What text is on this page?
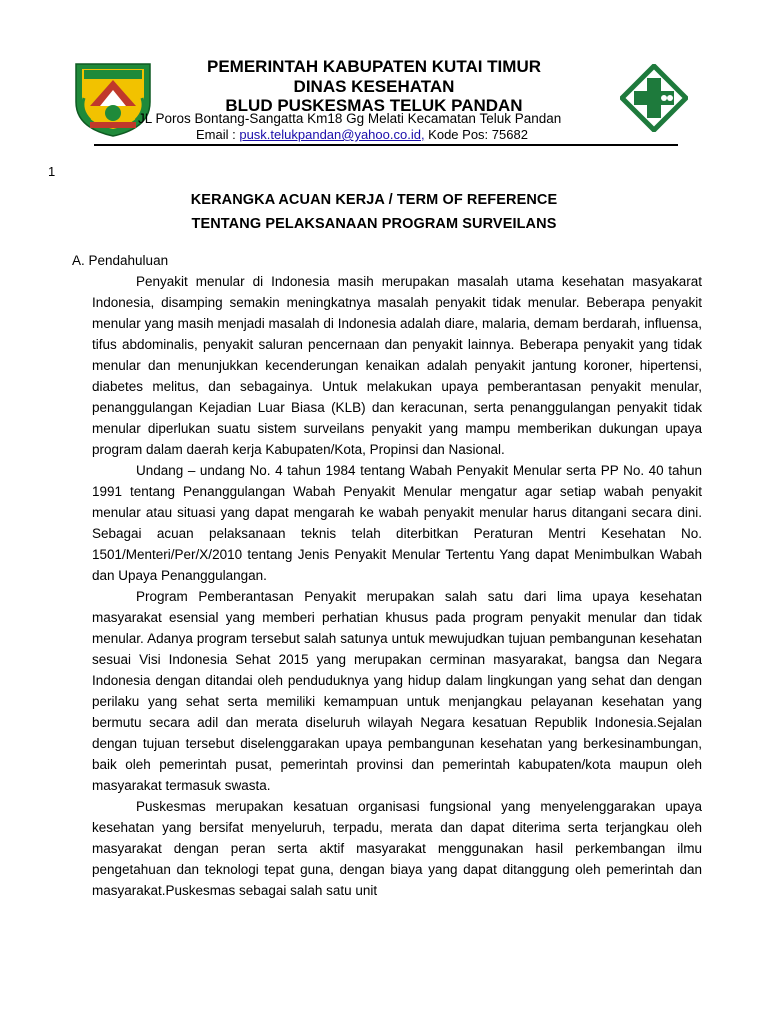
PEMERINTAH KABUPATEN KUTAI TIMUR
DINAS KESEHATAN
BLUD PUSKESMAS TELUK PANDAN
JL Poros Bontang-Sangatta Km18 Gg Melati Kecamatan Teluk Pandan
Email : pusk.telukpandan@yahoo.co.id, Kode Pos: 75682
1
KERANGKA ACUAN KERJA / TERM OF REFERENCE
TENTANG PELAKSANAAN PROGRAM SURVEILANS
A. Pendahuluan

Penyakit menular di Indonesia masih merupakan masalah utama kesehatan masyakarat Indonesia, disamping semakin meningkatnya masalah penyakit tidak menular. Beberapa penyakit menular yang masih menjadi masalah di Indonesia adalah diare, malaria, demam berdarah, influensa, tifus abdominalis, penyakit saluran pencernaan dan penyakit lainnya. Beberapa penyakit yang tidak menular dan menunjukkan kecenderungan kenaikan adalah penyakit jantung koroner, hipertensi, diabetes melitus, dan sebagainya. Untuk melakukan upaya pemberantasan penyakit menular, penanggulangan Kejadian Luar Biasa (KLB) dan keracunan, serta penanggulangan penyakit tidak menular diperlukan suatu sistem surveilans penyakit yang mampu memberikan dukungan upaya program dalam daerah kerja Kabupaten/Kota, Propinsi dan Nasional.

Undang – undang No. 4 tahun 1984 tentang Wabah Penyakit Menular serta PP No. 40 tahun 1991 tentang Penanggulangan Wabah Penyakit Menular mengatur agar setiap wabah penyakit menular atau situasi yang dapat mengarah ke wabah penyakit menular harus ditangani secara dini. Sebagai acuan pelaksanaan teknis telah diterbitkan Peraturan Mentri Kesehatan No. 1501/Menteri/Per/X/2010 tentang Jenis Penyakit Menular Tertentu Yang dapat Menimbulkan Wabah dan Upaya Penanggulangan.

Program Pemberantasan Penyakit merupakan salah satu dari lima upaya kesehatan masyarakat esensial yang memberi perhatian khusus pada program penyakit menular dan tidak menular. Adanya program tersebut salah satunya untuk mewujudkan tujuan pembangunan kesehatan sesuai Visi Indonesia Sehat 2015 yang merupakan cerminan masyarakat, bangsa dan Negara Indonesia dengan ditandai oleh penduduknya yang hidup dalam lingkungan yang sehat dan dengan perilaku yang sehat serta memiliki kemampuan untuk menjangkau pelayanan kesehatan yang bermutu secara adil dan merata diseluruh wilayah Negara kesatuan Republik Indonesia.Sejalan dengan tujuan tersebut diselenggarakan upaya pembangunan kesehatan yang berkesinambungan, baik oleh pemerintah pusat, pemerintah provinsi dan pemerintah kabupaten/kota maupun oleh masyarakat termasuk swasta.

Puskesmas merupakan kesatuan organisasi fungsional yang menyelenggarakan upaya kesehatan yang bersifat menyeluruh, terpadu, merata dan dapat diterima serta terjangkau oleh masyarakat dengan peran serta aktif masyarakat menggunakan hasil perkembangan ilmu pengetahuan dan teknologi tepat guna, dengan biaya yang dapat ditanggung oleh pemerintah dan masyarakat.Puskesmas sebagai salah satu unit
